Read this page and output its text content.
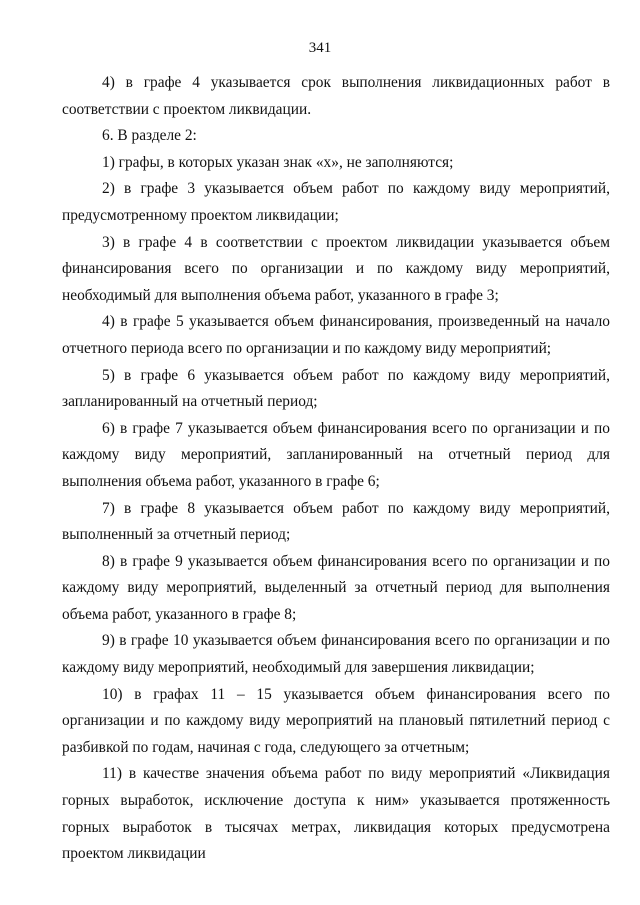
341

4) в графе 4 указывается срок выполнения ликвидационных работ в соответствии с проектом ликвидации.

6. В разделе 2:

1) графы, в которых указан знак «х», не заполняются;

2) в графе 3 указывается объем работ по каждому виду мероприятий, предусмотренному проектом ликвидации;

3) в графе 4 в соответствии с проектом ликвидации указывается объем финансирования всего по организации и по каждому виду мероприятий, необходимый для выполнения объема работ, указанного в графе 3;

4) в графе 5 указывается объем финансирования, произведенный на начало отчетного периода всего по организации и по каждому виду мероприятий;

5) в графе 6 указывается объем работ по каждому виду мероприятий, запланированный на отчетный период;

6) в графе 7 указывается объем финансирования всего по организации и по каждому виду мероприятий, запланированный на отчетный период для выполнения объема работ, указанного в графе 6;

7) в графе 8 указывается объем работ по каждому виду мероприятий, выполненный за отчетный период;

8) в графе 9 указывается объем финансирования всего по организации и по каждому виду мероприятий, выделенный за отчетный период для выполнения объема работ, указанного в графе 8;

9) в графе 10 указывается объем финансирования всего по организации и по каждому виду мероприятий, необходимый для завершения ликвидации;

10) в графах 11 – 15 указывается объем финансирования всего по организации и по каждому виду мероприятий на плановый пятилетний период с разбивкой по годам, начиная с года, следующего за отчетным;

11) в качестве значения объема работ по виду мероприятий «Ликвидация горных выработок, исключение доступа к ним» указывается протяженность горных выработок в тысячах метрах, ликвидация которых предусмотрена проектом ликвидации
